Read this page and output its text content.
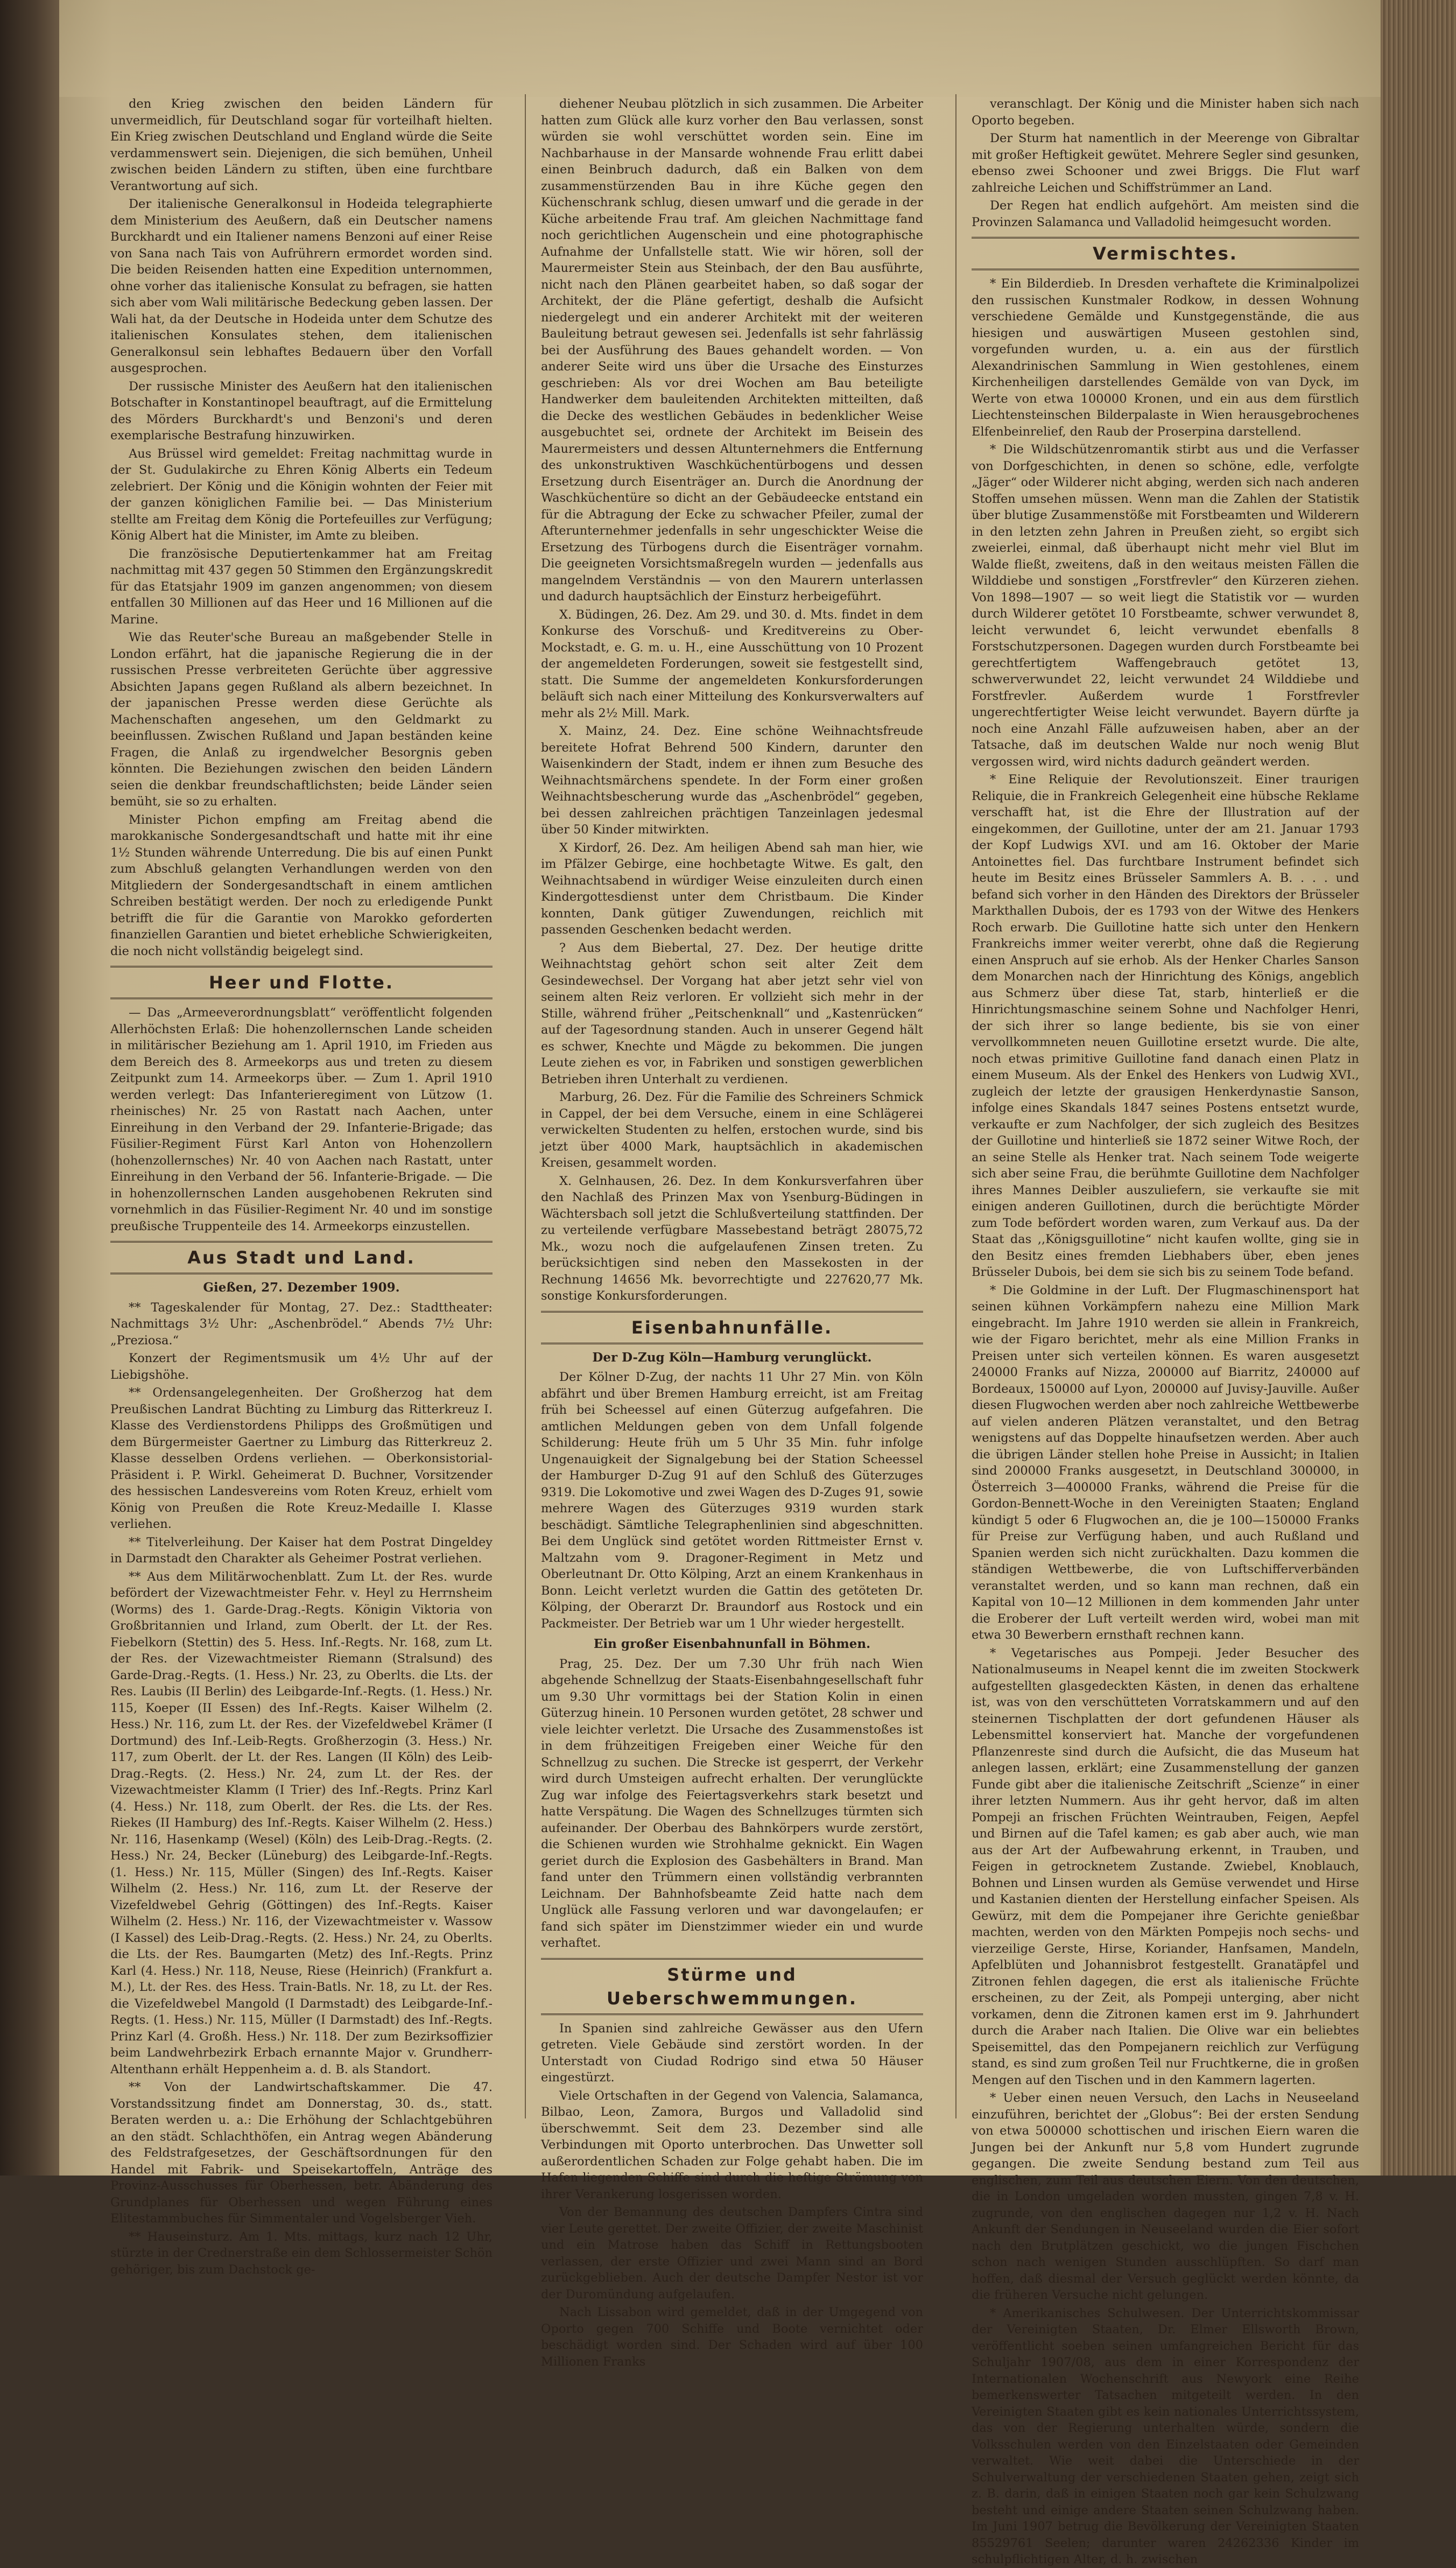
den Krieg zwischen den beiden Ländern für unvermeidlich, für Deutschland sogar für vorteilhaft hielten. Ein Krieg zwischen Deutschland und England würde die Seite verdammenswert sein. Diejenigen, die sich bemühen, Unheil zwischen beiden Ländern zu stiften, üben eine furchtbare Verantwortung auf sich.

Der italienische Generalkonsul in Hodeida telegraphierte dem Ministerium des Aeußern, daß ein Deutscher namens Burckhardt und ein Italiener namens Benzoni auf einer Reise von Sana nach Tais von Aufrührern ermordet worden sind. Die beiden Reisenden hatten eine Expedition unternommen, ohne vorher das italienische Konsulat zu befragen, sie hatten sich aber vom Wali militärische Bedeckung geben lassen. Der Wali hat, da der Deutsche in Hodeida unter dem Schutze des italienischen Konsulates stehen, dem italienischen Generalkonsul sein lebhaftes Bedauern über den Vorfall ausgesprochen.

Der russische Minister des Aeußern hat den italienischen Botschafter in Konstantinopel beauftragt, auf die Ermittelung des Mörders Burckhardt's und Benzoni's und deren exemplarische Bestrafung hinzuwirken.

Aus Brüssel wird gemeldet: Freitag nachmittag wurde in der St. Gudulakirche zu Ehren König Alberts ein Tedeum zelebriert. Der König und die Königin wohnten der Feier mit der ganzen königlichen Familie bei. — Das Ministerium stellte am Freitag dem König die Portefeuilles zur Verfügung; König Albert hat die Minister, im Amte zu bleiben.

Die französische Deputiertenkammer hat am Freitag nachmittag mit 437 gegen 50 Stimmen den Ergänzungskredit für das Etatsjahr 1909 im ganzen angenommen; von diesem entfallen 30 Millionen auf das Heer und 16 Millionen auf die Marine.

Wie das Reuter'sche Bureau an maßgebender Stelle in London erfährt, hat die japanische Regierung die in der russischen Presse verbreiteten Gerüchte über aggressive Absichten Japans gegen Rußland als albern bezeichnet. In der japanischen Presse werden diese Gerüchte als Machenschaften angesehen, um den Geldmarkt zu beeinflussen. Zwischen Rußland und Japan beständen keine Fragen, die Anlaß zu irgendwelcher Besorgnis geben könnten. Die Beziehungen zwischen den beiden Ländern seien die denkbar freundschaftlichsten; beide Länder seien bemüht, sie so zu erhalten.

Minister Pichon empfing am Freitag abend die marokkanische Sondergesandtschaft und hatte mit ihr eine 1½ Stunden währende Unterredung. Die bis auf einen Punkt zum Abschluß gelangten Verhandlungen werden von den Mitgliedern der Sondergesandtschaft in einem amtlichen Schreiben bestätigt werden. Der noch zu erledigende Punkt betrifft die für die Garantie von Marokko geforderten finanziellen Garantien und bietet erhebliche Schwierigkeiten, die noch nicht vollständig beigelegt sind.

Heer und Flotte.

— Das „Armeeverordnungsblatt“ veröffentlicht folgenden Allerhöchsten Erlaß: Die hohenzollernschen Lande scheiden in militärischer Beziehung am 1. April 1910, im Frieden aus dem Bereich des 8. Armeekorps aus und treten zu diesem Zeitpunkt zum 14. Armeekorps über. — Zum 1. April 1910 werden verlegt: Das Infanterieregiment von Lützow (1. rheinisches) Nr. 25 von Rastatt nach Aachen, unter Einreihung in den Verband der 29. Infanterie-Brigade; das Füsilier-Regiment Fürst Karl Anton von Hohenzollern (hohenzollernsches) Nr. 40 von Aachen nach Rastatt, unter Einreihung in den Verband der 56. Infanterie-Brigade. — Die in hohenzollernschen Landen ausgehobenen Rekruten sind vornehmlich in das Füsilier-Regiment Nr. 40 und im sonstige preußische Truppenteile des 14. Armeekorps einzustellen.

Aus Stadt und Land.
Gießen, 27. Dezember 1909.

** Tageskalender für Montag, 27. Dez.: Stadttheater: Nachmittags 3½ Uhr: „Aschenbrödel.“ Abends 7½ Uhr: „Preziosa.“

Konzert der Regimentsmusik um 4½ Uhr auf der Liebigshöhe.

** Ordensangelegenheiten. Der Großherzog hat dem Preußischen Landrat Büchting zu Limburg das Ritterkreuz I. Klasse des Verdienstordens Philipps des Großmütigen und dem Bürgermeister Gaertner zu Limburg das Ritterkreuz 2. Klasse desselben Ordens verliehen. — Oberkonsistorial-Präsident i. P. Wirkl. Geheimerat D. Buchner, Vorsitzender des hessischen Landesvereins vom Roten Kreuz, erhielt vom König von Preußen die Rote Kreuz-Medaille I. Klasse verliehen.

** Titelverleihung. Der Kaiser hat dem Postrat Dingeldey in Darmstadt den Charakter als Geheimer Postrat verliehen.

** Aus dem Militärwochenblatt. Zum Lt. der Res. wurde befördert der Vizewachtmeister Fehr. v. Heyl zu Herrnsheim (Worms) des 1. Garde-Drag.-Regts. Königin Viktoria von Großbritannien und Irland, zum Oberlt. der Lt. der Res. Fiebelkorn (Stettin) des 5. Hess. Inf.-Regts. Nr. 168, zum Lt. der Res. der Vizewachtmeister Riemann (Stralsund) des Garde-Drag.-Regts. (1. Hess.) Nr. 23, zu Oberlts. die Lts. der Res. Laubis (II Berlin) des Leibgarde-Inf.-Regts. (1. Hess.) Nr. 115, Koeper (II Essen) des Inf.-Regts. Kaiser Wilhelm (2. Hess.) Nr. 116, zum Lt. der Res. der Vizefeldwebel Krämer (I Dortmund) des Inf.-Leib-Regts. Großherzogin (3. Hess.) Nr. 117, zum Oberlt. der Lt. der Res. Langen (II Köln) des Leib-Drag.-Regts. (2. Hess.) Nr. 24, zum Lt. der Res. der Vizewachtmeister Klamm (I Trier) des Inf.-Regts. Prinz Karl (4. Hess.) Nr. 118, zum Oberlt. der Res. die Lts. der Res. Riekes (II Hamburg) des Inf.-Regts. Kaiser Wilhelm (2. Hess.) Nr. 116, Hasenkamp (Wesel) (Köln) des Leib-Drag.-Regts. (2. Hess.) Nr. 24, Becker (Lüneburg) des Leibgarde-Inf.-Regts. (1. Hess.) Nr. 115, Müller (Singen) des Inf.-Regts. Kaiser Wilhelm (2. Hess.) Nr. 116, zum Lt. der Reserve der Vizefeldwebel Gehrig (Göttingen) des Inf.-Regts. Kaiser Wilhelm (2. Hess.) Nr. 116, der Vizewachtmeister v. Wassow (I Kassel) des Leib-Drag.-Regts. (2. Hess.) Nr. 24, zu Oberlts. die Lts. der Res. Baumgarten (Metz) des Inf.-Regts. Prinz Karl (4. Hess.) Nr. 118, Neuse, Riese (Heinrich) (Frankfurt a. M.), Lt. der Res. des Hess. Train-Batls. Nr. 18, zu Lt. der Res. die Vizefeldwebel Mangold (I Darmstadt) des Leibgarde-Inf.-Regts. (1. Hess.) Nr. 115, Müller (I Darmstadt) des Inf.-Regts. Prinz Karl (4. Großh. Hess.) Nr. 118. Der zum Bezirksoffizier beim Landwehrbezirk Erbach ernannte Major v. Grundherr-Altenthann erhält Heppenheim a. d. B. als Standort.

** Von der Landwirtschaftskammer. Die 47. Vorstandssitzung findet am Donnerstag, 30. ds., statt. Beraten werden u. a.: Die Erhöhung der Schlachtgebühren an den städt. Schlachthöfen, ein Antrag wegen Abänderung des Feldstrafgesetzes, der Geschäftsordnungen für den Handel mit Fabrik- und Speisekartoffeln, Anträge des Provinz-Ausschusses für Oberhessen, betr. Abänderung des Grundplanes für Oberhessen und wegen Führung eines Elitestammbuches für Simmentaler und Vogelsberger Vieh.

** Hauseinsturz. Am 1. Mts. mittags, kurz nach 12 Uhr, stürzte in der Crednerstraße ein dem Schlossermeister Schön gehöriger, bis zum Dachstock ge-

diehener Neubau plötzlich in sich zusammen. Die Arbeiter hatten zum Glück alle kurz vorher den Bau verlassen, sonst würden sie wohl verschüttet worden sein. Eine im Nachbarhause in der Mansarde wohnende Frau erlitt dabei einen Beinbruch dadurch, daß ein Balken von dem zusammenstürzenden Bau in ihre Küche gegen den Küchenschrank schlug, diesen umwarf und die gerade in der Küche arbeitende Frau traf. Am gleichen Nachmittage fand noch gerichtlichen Augenschein und eine photographische Aufnahme der Unfallstelle statt. Wie wir hören, soll der Maurermeister Stein aus Steinbach, der den Bau ausführte, nicht nach den Plänen gearbeitet haben, so daß sogar der Architekt, der die Pläne gefertigt, deshalb die Aufsicht niedergelegt und ein anderer Architekt mit der weiteren Bauleitung betraut gewesen sei. Jedenfalls ist sehr fahrlässig bei der Ausführung des Baues gehandelt worden. — Von anderer Seite wird uns über die Ursache des Einsturzes geschrieben: Als vor drei Wochen am Bau beteiligte Handwerker dem bauleitenden Architekten mitteilten, daß die Decke des westlichen Gebäudes in bedenklicher Weise ausgebuchtet sei, ordnete der Architekt im Beisein des Maurermeisters und dessen Altunternehmers die Entfernung des unkonstruktiven Waschküchentürbogens und dessen Ersetzung durch Eisenträger an. Durch die Anordnung der Waschküchentüre so dicht an der Gebäudeecke entstand ein für die Abtragung der Ecke zu schwacher Pfeiler, zumal der Afterunternehmer jedenfalls in sehr ungeschickter Weise die Ersetzung des Türbogens durch die Eisenträger vornahm. Die geeigneten Vorsichtsmaßregeln wurden — jedenfalls aus mangelndem Verständnis — von den Maurern unterlassen und dadurch hauptsächlich der Einsturz herbeigeführt.

X. Büdingen, 26. Dez. Am 29. und 30. d. Mts. findet in dem Konkurse des Vorschuß- und Kreditvereins zu Ober-Mockstadt, e. G. m. u. H., eine Ausschüttung von 10 Prozent der angemeldeten Forderungen, soweit sie festgestellt sind, statt. Die Summe der angemeldeten Konkursforderungen beläuft sich nach einer Mitteilung des Konkursverwalters auf mehr als 2½ Mill. Mark.

X. Mainz, 24. Dez. Eine schöne Weihnachtsfreude bereitete Hofrat Behrend 500 Kindern, darunter den Waisenkindern der Stadt, indem er ihnen zum Besuche des Weihnachtsmärchens spendete. In der Form einer großen Weihnachtsbescherung wurde das „Aschenbrödel“ gegeben, bei dessen zahlreichen prächtigen Tanzeinlagen jedesmal über 50 Kinder mitwirkten.

X Kirdorf, 26. Dez. Am heiligen Abend sah man hier, wie im Pfälzer Gebirge, eine hochbetagte Witwe. Es galt, den Weihnachtsabend in würdiger Weise einzuleiten durch einen Kindergottesdienst unter dem Christbaum. Die Kinder konnten, Dank gütiger Zuwendungen, reichlich mit passenden Geschenken bedacht werden.

? Aus dem Biebertal, 27. Dez. Der heutige dritte Weihnachtstag gehört schon seit alter Zeit dem Gesindewechsel. Der Vorgang hat aber jetzt sehr viel von seinem alten Reiz verloren. Er vollzieht sich mehr in der Stille, während früher „Peitschenknall“ und „Kastenrücken“ auf der Tagesordnung standen. Auch in unserer Gegend hält es schwer, Knechte und Mägde zu bekommen. Die jungen Leute ziehen es vor, in Fabriken und sonstigen gewerblichen Betrieben ihren Unterhalt zu verdienen.

Marburg, 26. Dez. Für die Familie des Schreiners Schmick in Cappel, der bei dem Versuche, einem in eine Schlägerei verwickelten Studenten zu helfen, erstochen wurde, sind bis jetzt über 4000 Mark, hauptsächlich in akademischen Kreisen, gesammelt worden.

X. Gelnhausen, 26. Dez. In dem Konkursverfahren über den Nachlaß des Prinzen Max von Ysenburg-Büdingen in Wächtersbach soll jetzt die Schlußverteilung stattfinden. Der zu verteilende verfügbare Massebestand beträgt 28075,72 Mk., wozu noch die aufgelaufenen Zinsen treten. Zu berücksichtigen sind neben den Massekosten in der Rechnung 14656 Mk. bevorrechtigte und 227620,77 Mk. sonstige Konkursforderungen.

Eisenbahnunfälle.
Der D-Zug Köln—Hamburg verunglückt.

Der Kölner D-Zug, der nachts 11 Uhr 27 Min. von Köln abfährt und über Bremen Hamburg erreicht, ist am Freitag früh bei Scheessel auf einen Güterzug aufgefahren. Die amtlichen Meldungen geben von dem Unfall folgende Schilderung: Heute früh um 5 Uhr 35 Min. fuhr infolge Ungenauigkeit der Signalgebung bei der Station Scheessel der Hamburger D-Zug 91 auf den Schluß des Güterzuges 9319. Die Lokomotive und zwei Wagen des D-Zuges 91, sowie mehrere Wagen des Güterzuges 9319 wurden stark beschädigt. Sämtliche Telegraphenlinien sind abgeschnitten. Bei dem Unglück sind getötet worden Rittmeister Ernst v. Maltzahn vom 9. Dragoner-Regiment in Metz und Oberleutnant Dr. Otto Kölping, Arzt an einem Krankenhaus in Bonn. Leicht verletzt wurden die Gattin des getöteten Dr. Kölping, der Oberarzt Dr. Braundorf aus Rostock und ein Packmeister. Der Betrieb war um 1 Uhr wieder hergestellt.

Ein großer Eisenbahnunfall in Böhmen.

Prag, 25. Dez. Der um 7.30 Uhr früh nach Wien abgehende Schnellzug der Staats-Eisenbahngesellschaft fuhr um 9.30 Uhr vormittags bei der Station Kolin in einen Güterzug hinein. 10 Personen wurden getötet, 28 schwer und viele leichter verletzt. Die Ursache des Zusammenstoßes ist in dem frühzeitigen Freigeben einer Weiche für den Schnellzug zu suchen. Die Strecke ist gesperrt, der Verkehr wird durch Umsteigen aufrecht erhalten. Der verunglückte Zug war infolge des Feiertagsverkehrs stark besetzt und hatte Verspätung. Die Wagen des Schnellzuges türmten sich aufeinander. Der Oberbau des Bahnkörpers wurde zerstört, die Schienen wurden wie Strohhalme geknickt. Ein Wagen geriet durch die Explosion des Gasbehälters in Brand. Man fand unter den Trümmern einen vollständig verbrannten Leichnam. Der Bahnhofsbeamte Zeid hatte nach dem Unglück alle Fassung verloren und war davongelaufen; er fand sich später im Dienstzimmer wieder ein und wurde verhaftet.

Stürme und Ueberschwemmungen.

In Spanien sind zahlreiche Gewässer aus den Ufern getreten. Viele Gebäude sind zerstört worden. In der Unterstadt von Ciudad Rodrigo sind etwa 50 Häuser eingestürzt.

Viele Ortschaften in der Gegend von Valencia, Salamanca, Bilbao, Leon, Zamora, Burgos und Valladolid sind überschwemmt. Seit dem 23. Dezember sind alle Verbindungen mit Oporto unterbrochen. Das Unwetter soll außerordentlichen Schaden zur Folge gehabt haben. Die im Hafen liegenden Schiffe sind durch die heftige Strömung von ihrer Verankerung losgerissen worden.

Von der Bemannung des deutschen Dampfers Cintra sind vier Leute gerettet. Der zweite Offizier, der zweite Maschinist und ein Matrose haben das Schiff in Rettungsbooten verlassen, der erste Offizier und zwei Mann sind an Bord zurückgeblieben. Auch der deutsche Dampfer Nestor ist vor der Duromündung aufgelaufen.

Nach Lissabon wird gemeldet, daß in der Umgegend von Oporto gegen 700 Schiffe und Boote vernichtet oder beschädigt worden sind. Der Schaden wird auf über 100 Millionen Franks

veranschlagt. Der König und die Minister haben sich nach Oporto begeben.

Der Sturm hat namentlich in der Meerenge von Gibraltar mit großer Heftigkeit gewütet. Mehrere Segler sind gesunken, ebenso zwei Schooner und zwei Briggs. Die Flut warf zahlreiche Leichen und Schiffstrümmer an Land.

Der Regen hat endlich aufgehört. Am meisten sind die Provinzen Salamanca und Valladolid heimgesucht worden.

Vermischtes.

* Ein Bilderdieb. In Dresden verhaftete die Kriminalpolizei den russischen Kunstmaler Rodkow, in dessen Wohnung verschiedene Gemälde und Kunstgegenstände, die aus hiesigen und auswärtigen Museen gestohlen sind, vorgefunden wurden, u. a. ein aus der fürstlich Alexandrinischen Sammlung in Wien gestohlenes, einem Kirchenheiligen darstellendes Gemälde von van Dyck, im Werte von etwa 100000 Kronen, und ein aus dem fürstlich Liechtensteinschen Bilderpalaste in Wien herausgebrochenes Elfenbeinrelief, den Raub der Proserpina darstellend.

* Die Wildschützenromantik stirbt aus und die Verfasser von Dorfgeschichten, in denen so schöne, edle, verfolgte „Jäger“ oder Wilderer nicht abging, werden sich nach anderen Stoffen umsehen müssen. Wenn man die Zahlen der Statistik über blutige Zusammenstöße mit Forstbeamten und Wilderern in den letzten zehn Jahren in Preußen zieht, so ergibt sich zweierlei, einmal, daß überhaupt nicht mehr viel Blut im Walde fließt, zweitens, daß in den weitaus meisten Fällen die Wilddiebe und sonstigen „Forstfrevler“ den Kürzeren ziehen. Von 1898—1907 — so weit liegt die Statistik vor — wurden durch Wilderer getötet 10 Forstbeamte, schwer verwundet 8, leicht verwundet 6, leicht verwundet ebenfalls 8 Forstschutzpersonen. Dagegen wurden durch Forstbeamte bei gerechtfertigtem Waffengebrauch getötet 13, schwerverwundet 22, leicht verwundet 24 Wilddiebe und Forstfrevler. Außerdem wurde 1 Forstfrevler ungerechtfertigter Weise leicht verwundet. Bayern dürfte ja noch eine Anzahl Fälle aufzuweisen haben, aber an der Tatsache, daß im deutschen Walde nur noch wenig Blut vergossen wird, wird nichts dadurch geändert werden.

* Eine Reliquie der Revolutionszeit. Einer traurigen Reliquie, die in Frankreich Gelegenheit eine hübsche Reklame verschafft hat, ist die Ehre der Illustration auf der eingekommen, der Guillotine, unter der am 21. Januar 1793 der Kopf Ludwigs XVI. und am 16. Oktober der Marie Antoinettes fiel. Das furchtbare Instrument befindet sich heute im Besitz eines Brüsseler Sammlers A. B. . . . und befand sich vorher in den Händen des Direktors der Brüsseler Markthallen Dubois, der es 1793 von der Witwe des Henkers Roch erwarb. Die Guillotine hatte sich unter den Henkern Frankreichs immer weiter vererbt, ohne daß die Regierung einen Anspruch auf sie erhob. Als der Henker Charles Sanson dem Monarchen nach der Hinrichtung des Königs, angeblich aus Schmerz über diese Tat, starb, hinterließ er die Hinrichtungsmaschine seinem Sohne und Nachfolger Henri, der sich ihrer so lange bediente, bis sie von einer vervollkommneten neuen Guillotine ersetzt wurde. Die alte, noch etwas primitive Guillotine fand danach einen Platz in einem Museum. Als der Enkel des Henkers von Ludwig XVI., zugleich der letzte der grausigen Henkerdynastie Sanson, infolge eines Skandals 1847 seines Postens entsetzt wurde, verkaufte er zum Nachfolger, der sich zugleich des Besitzes der Guillotine und hinterließ sie 1872 seiner Witwe Roch, der an seine Stelle als Henker trat. Nach seinem Tode weigerte sich aber seine Frau, die berühmte Guillotine dem Nachfolger ihres Mannes Deibler auszuliefern, sie verkaufte sie mit einigen anderen Guillotinen, durch die berüchtigte Mörder zum Tode befördert worden waren, zum Verkauf aus. Da der Staat das ,,Königsguillotine“ nicht kaufen wollte, ging sie in den Besitz eines fremden Liebhabers über, eben jenes Brüsseler Dubois, bei dem sie sich bis zu seinem Tode befand.

* Die Goldmine in der Luft. Der Flugmaschinensport hat seinen kühnen Vorkämpfern nahezu eine Million Mark eingebracht. Im Jahre 1910 werden sie allein in Frankreich, wie der Figaro berichtet, mehr als eine Million Franks in Preisen unter sich verteilen können. Es waren ausgesetzt 240000 Franks auf Nizza, 200000 auf Biarritz, 240000 auf Bordeaux, 150000 auf Lyon, 200000 auf Juvisy-Jauville. Außer diesen Flugwochen werden aber noch zahlreiche Wettbewerbe auf vielen anderen Plätzen veranstaltet, und den Betrag wenigstens auf das Doppelte hinaufsetzen werden. Aber auch die übrigen Länder stellen hohe Preise in Aussicht; in Italien sind 200000 Franks ausgesetzt, in Deutschland 300000, in Österreich 3—400000 Franks, während die Preise für die Gordon-Bennett-Woche in den Vereinigten Staaten; England kündigt 5 oder 6 Flugwochen an, die je 100—150000 Franks für Preise zur Verfügung haben, und auch Rußland und Spanien werden sich nicht zurückhalten. Dazu kommen die ständigen Wettbewerbe, die von Luftschifferverbänden veranstaltet werden, und so kann man rechnen, daß ein Kapital von 10—12 Millionen in dem kommenden Jahr unter die Eroberer der Luft verteilt werden wird, wobei man mit etwa 30 Bewerbern ernsthaft rechnen kann.

* Vegetarisches aus Pompeji. Jeder Besucher des Nationalmuseums in Neapel kennt die im zweiten Stockwerk aufgestellten glasgedeckten Kästen, in denen das erhaltene ist, was von den verschütteten Vorratskammern und auf den steinernen Tischplatten der dort gefundenen Häuser als Lebensmittel konserviert hat. Manche der vorgefundenen Pflanzenreste sind durch die Aufsicht, die das Museum hat anlegen lassen, erklärt; eine Zusammenstellung der ganzen Funde gibt aber die italienische Zeitschrift „Scienze“ in einer ihrer letzten Nummern. Aus ihr geht hervor, daß im alten Pompeji an frischen Früchten Weintrauben, Feigen, Aepfel und Birnen auf die Tafel kamen; es gab aber auch, wie man aus der Art der Aufbewahrung erkennt, in Trauben, und Feigen in getrocknetem Zustande. Zwiebel, Knoblauch, Bohnen und Linsen wurden als Gemüse verwendet und Hirse und Kastanien dienten der Herstellung einfacher Speisen. Als Gewürz, mit dem die Pompejaner ihre Gerichte genießbar machten, werden von den Märkten Pompejis noch sechs- und vierzeilige Gerste, Hirse, Koriander, Hanfsamen, Mandeln, Apfelblüten und Johannisbrot festgestellt. Granatäpfel und Zitronen fehlen dagegen, die erst als italienische Früchte erscheinen, zu der Zeit, als Pompeji unterging, aber nicht vorkamen, denn die Zitronen kamen erst im 9. Jahrhundert durch die Araber nach Italien. Die Olive war ein beliebtes Speisemittel, das den Pompejanern reichlich zur Verfügung stand, es sind zum großen Teil nur Fruchtkerne, die in großen Mengen auf den Tischen und in den Kammern lagerten.

* Ueber einen neuen Versuch, den Lachs in Neuseeland einzuführen, berichtet der „Globus“: Bei der ersten Sendung von etwa 500000 schottischen und irischen Eiern waren die Jungen bei der Ankunft nur 5,8 vom Hundert zugrunde gegangen. Die zweite Sendung bestand zum Teil aus englischen, zum Teil aus deutschen Eiern. Von den deutschen, die in London umgeladen worden mussten, gingen 7,8 v. H. zugrunde, von den englischen dagegen nur 1,2 v. H. Nach Ankunft der Sendungen in Neuseeland wurden die Eier sofort nach den Brutplätzen geschickt, wo die jungen Fischchen schon nach wenigen Stunden ausschlüpften. So darf man hoffen, daß diesmal der Versuch geglückt werden könnte, da die früheren Versuche nicht gelungen.

* Amerikanisches Schulwesen. Der Unterrichtskommissar der Vereinigten Staaten, Dr. Elmer Ellsworth Brown, veröffentlicht soeben seinen umfangreichen Bericht für das Schuljahr 1907/08, aus dem in einer Korrespondenz der Internationalen Wochenschrift aus Newyork eine Reihe bemerkenswerter Tatsachen mitgeteilt werden. In den Vereinigten Staaten gibt es kein nationales Unterrichtssystem, das von der Regierung unterhalten würde, sondern die Volksschulen werden von den Einzelstaaten oder Gemeinden verwaltet. Wie weit dabei die Unterschiede in der Schulverwaltung der verschiedenen Staaten gehen, zeigt sich z. B. darin, daß in einigen Staaten noch gar kein Schulzwang besteht und einige andere Staaten seinen Schulzwang haben. Im Juni 1907 betrug die Bevölkerung der Vereinigten Staaten 85529761 Seelen; darunter waren 24262336 Kinder im schulpflichtigen Alter, d. h. zwischen
